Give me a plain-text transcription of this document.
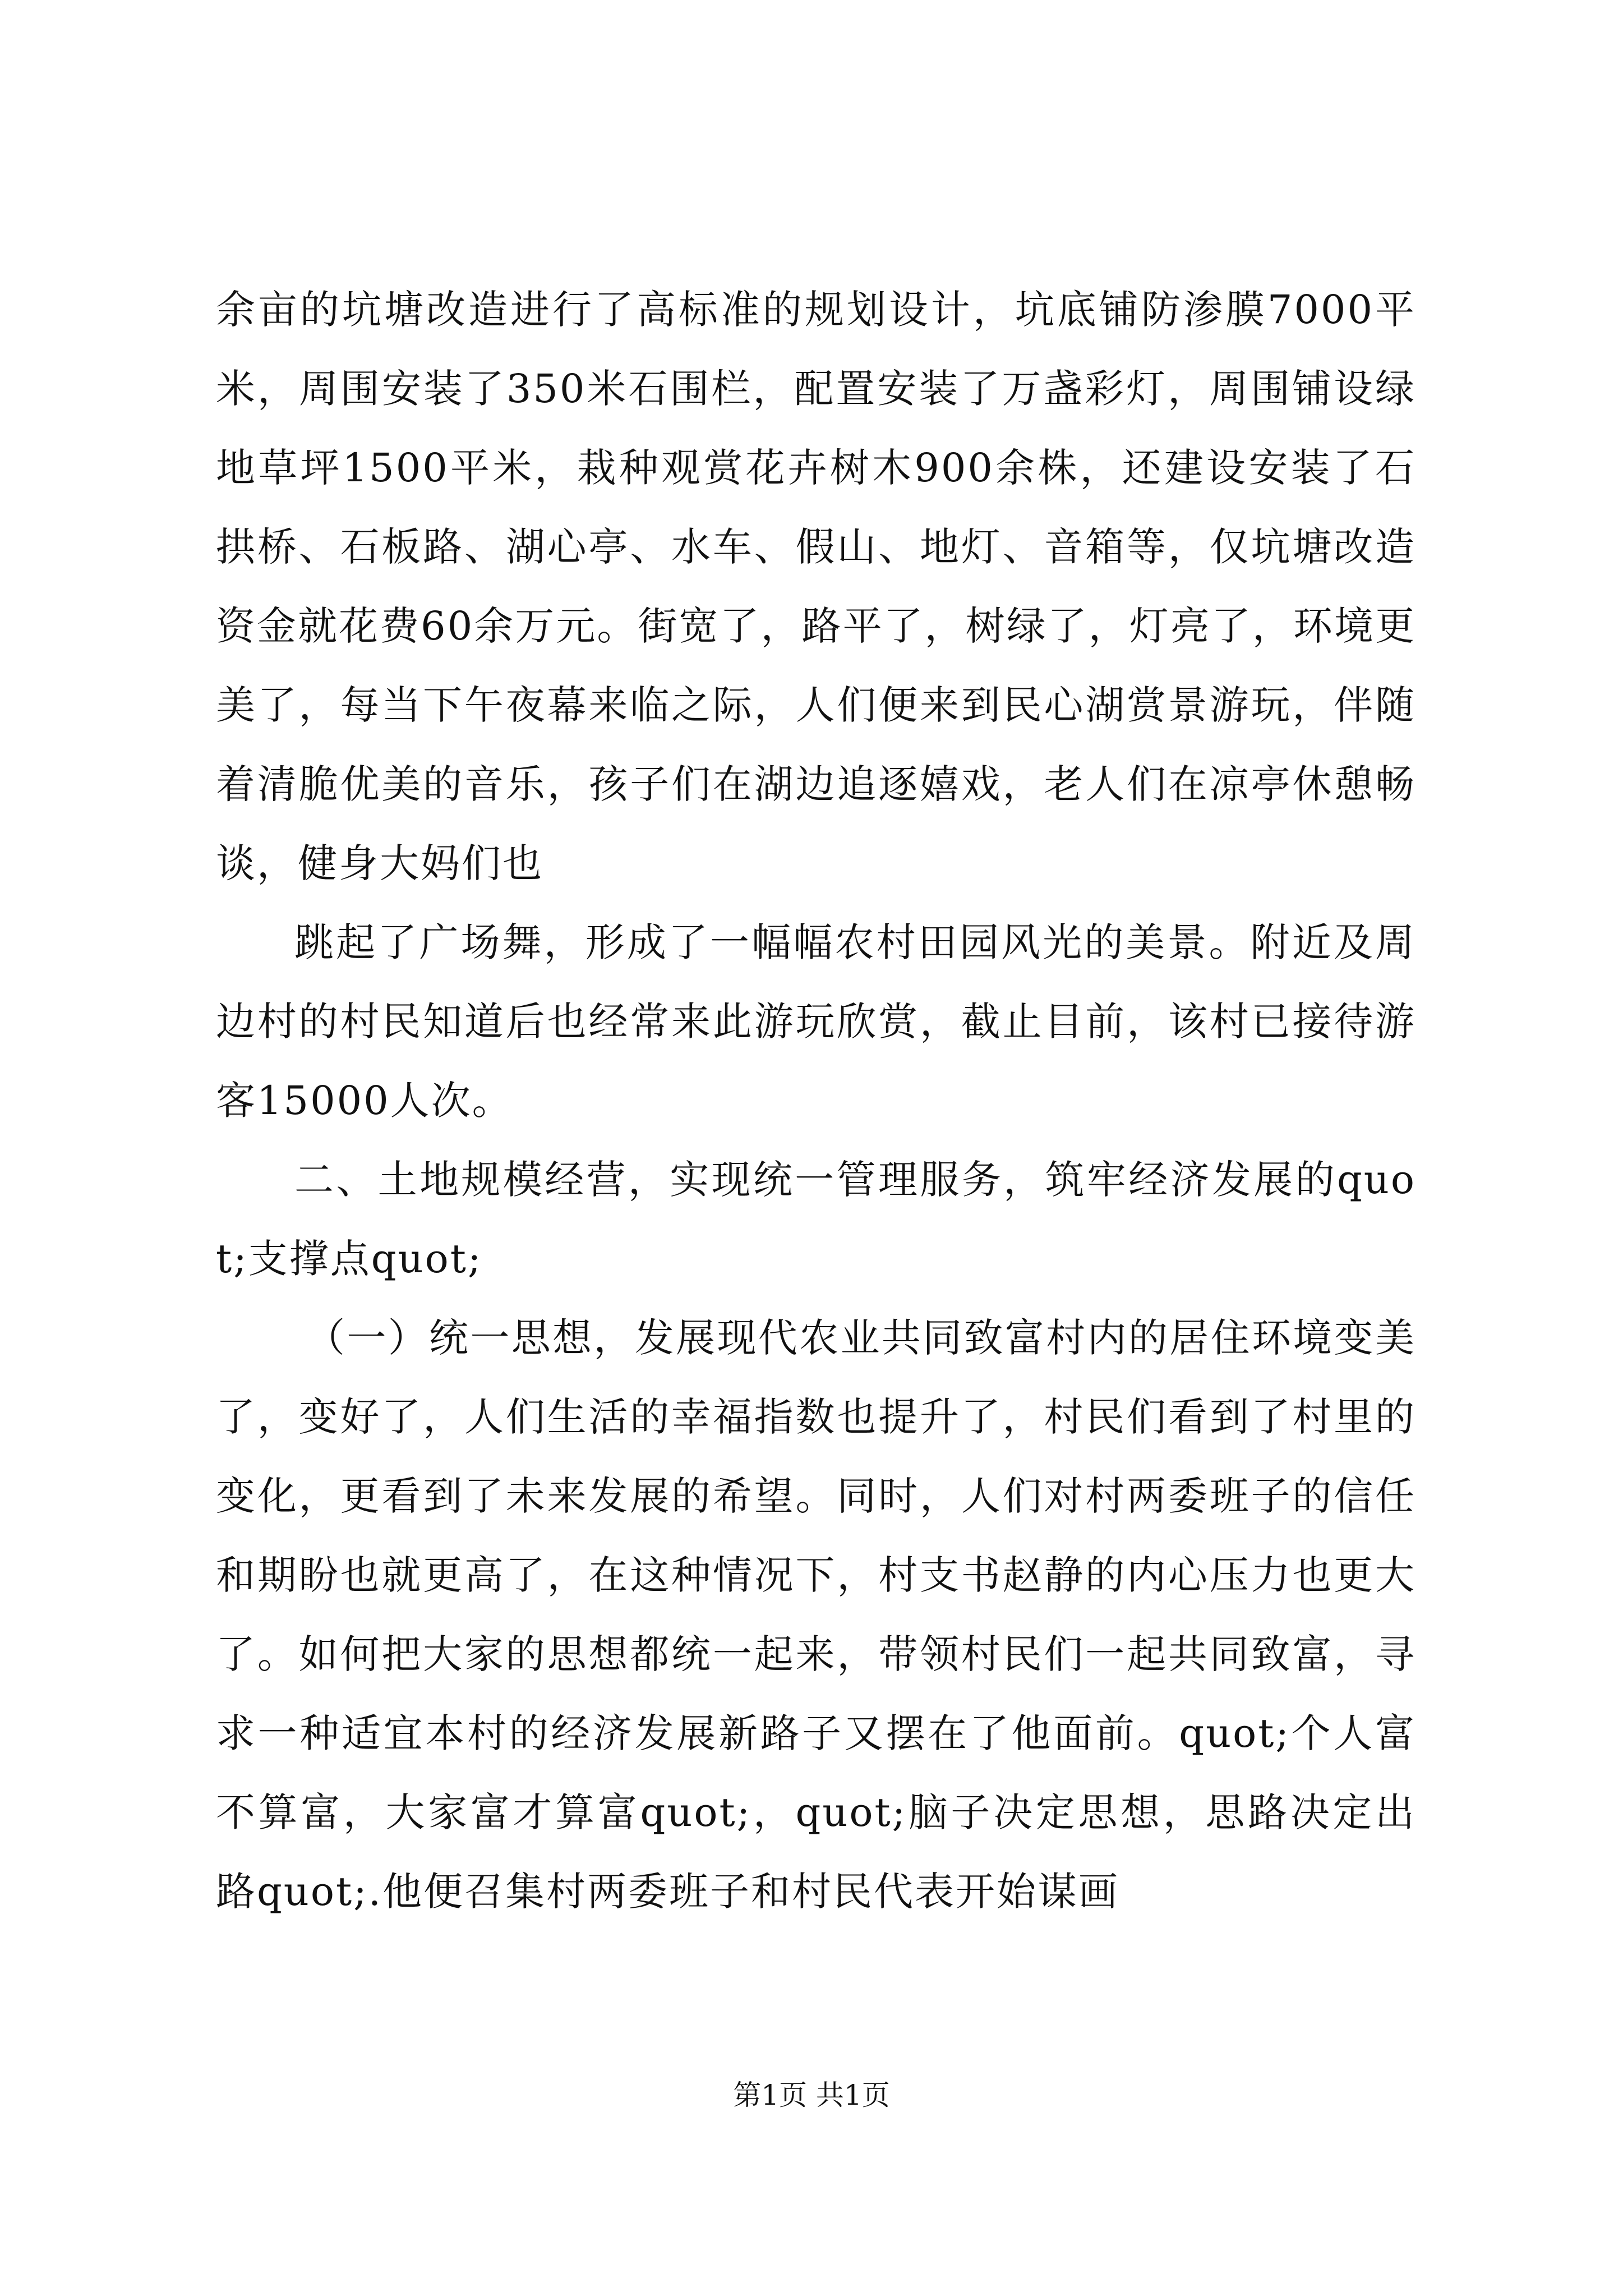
余亩的坑塘改造进行了高标准的规划设计，坑底铺防渗膜7000平米，周围安装了350米石围栏，配置安装了万盏彩灯，周围铺设绿地草坪1500平米，栽种观赏花卉树木900余株，还建设安装了石拱桥、石板路、湖心亭、水车、假山、地灯、音箱等，仅坑塘改造资金就花费60余万元。街宽了，路平了，树绿了，灯亮了，环境更美了，每当下午夜幕来临之际，人们便来到民心湖赏景游玩，伴随着清脆优美的音乐，孩子们在湖边追逐嬉戏，老人们在凉亭休憩畅谈，健身大妈们也

跳起了广场舞，形成了一幅幅农村田园风光的美景。附近及周边村的村民知道后也经常来此游玩欣赏，截止目前，该村已接待游客15000人次。

二、土地规模经营，实现统一管理服务，筑牢经济发展的quot;支撑点quot;

（一）统一思想，发展现代农业共同致富村内的居住环境变美了，变好了，人们生活的幸福指数也提升了，村民们看到了村里的变化，更看到了未来发展的希望。同时，人们对村两委班子的信任和期盼也就更高了，在这种情况下，村支书赵静的内心压力也更大了。如何把大家的思想都统一起来，带领村民们一起共同致富，寻求一种适宜本村的经济发展新路子又摆在了他面前。quot;个人富不算富，大家富才算富quot;，quot;脑子决定思想，思路决定出路quot;.他便召集村两委班子和村民代表开始谋画

第1页 共1页
